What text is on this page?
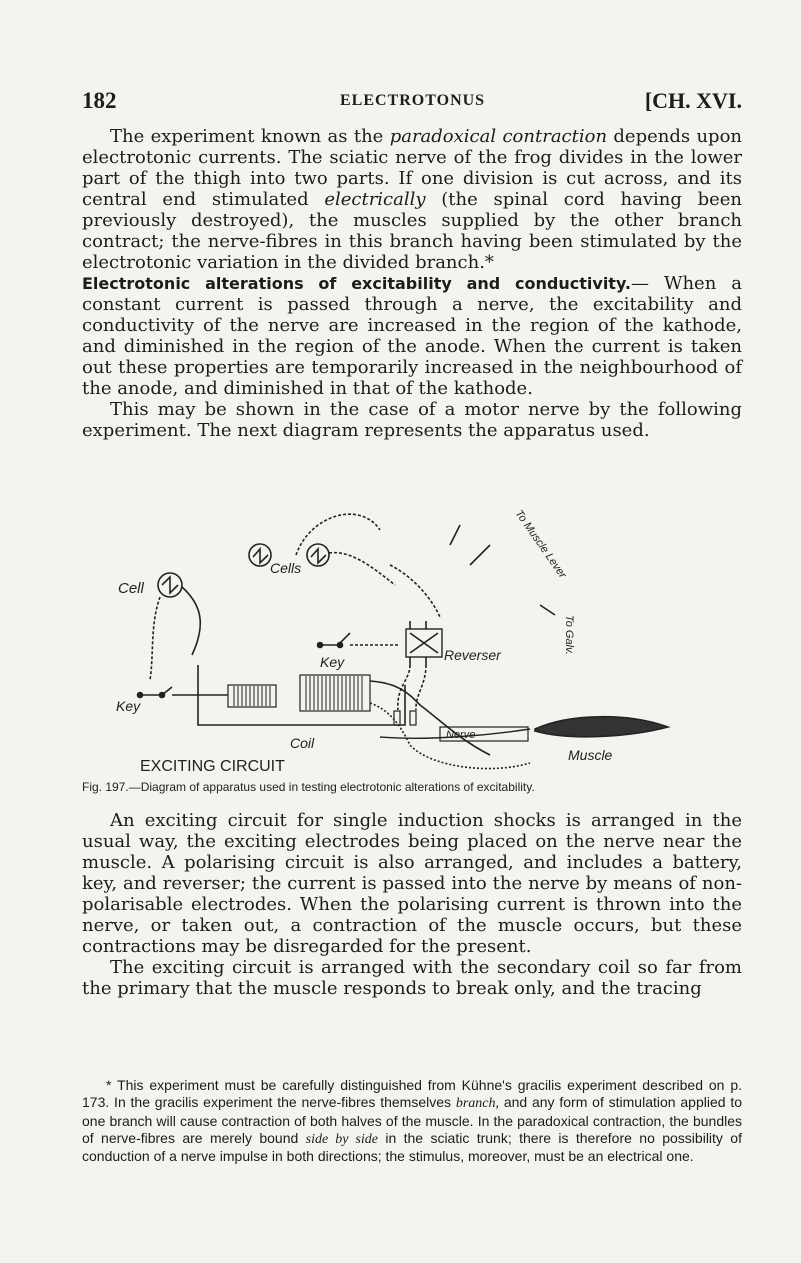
182	ELECTROTONUS	[CH. XVI.

The experiment known as the paradoxical contraction depends upon electrotonic currents. The sciatic nerve of the frog divides in the lower part of the thigh into two parts. If one division is cut across, and its central end stimulated electrically (the spinal cord having been previously destroyed), the muscles supplied by the other branch contract; the nerve-fibres in this branch having been stimulated by the electrotonic variation in the divided branch.*

Electrotonic alterations of excitability and conductivity.— When a constant current is passed through a nerve, the excitability and conductivity of the nerve are increased in the region of the kathode, and diminished in the region of the anode. When the current is taken out these properties are temporarily increased in the neighbourhood of the anode, and diminished in that of the kathode.

This may be shown in the case of a motor nerve by the following experiment. The next diagram represents the apparatus used.

Cell
Cells
Key
Key
Coil
Reverser
Nerve
Muscle
To Galv.
To Muscle Lever
EXCITING CIRCUIT
Fig. 197.—Diagram of apparatus used in testing electrotonic alterations of excitability.

An exciting circuit for single induction shocks is arranged in the usual way, the exciting electrodes being placed on the nerve near the muscle. A polarising circuit is also arranged, and includes a battery, key, and reverser; the current is passed into the nerve by means of non-polarisable electrodes. When the polarising current is thrown into the nerve, or taken out, a contraction of the muscle occurs, but these contractions may be disregarded for the present.

The exciting circuit is arranged with the secondary coil so far from the primary that the muscle responds to break only, and the tracing

* This experiment must be carefully distinguished from Kühne's gracilis experiment described on p. 173. In the gracilis experiment the nerve-fibres themselves branch, and any form of stimulation applied to one branch will cause contraction of both halves of the muscle. In the paradoxical contraction, the bundles of nerve-fibres are merely bound side by side in the sciatic trunk; there is therefore no possibility of conduction of a nerve impulse in both directions; the stimulus, moreover, must be an electrical one.
